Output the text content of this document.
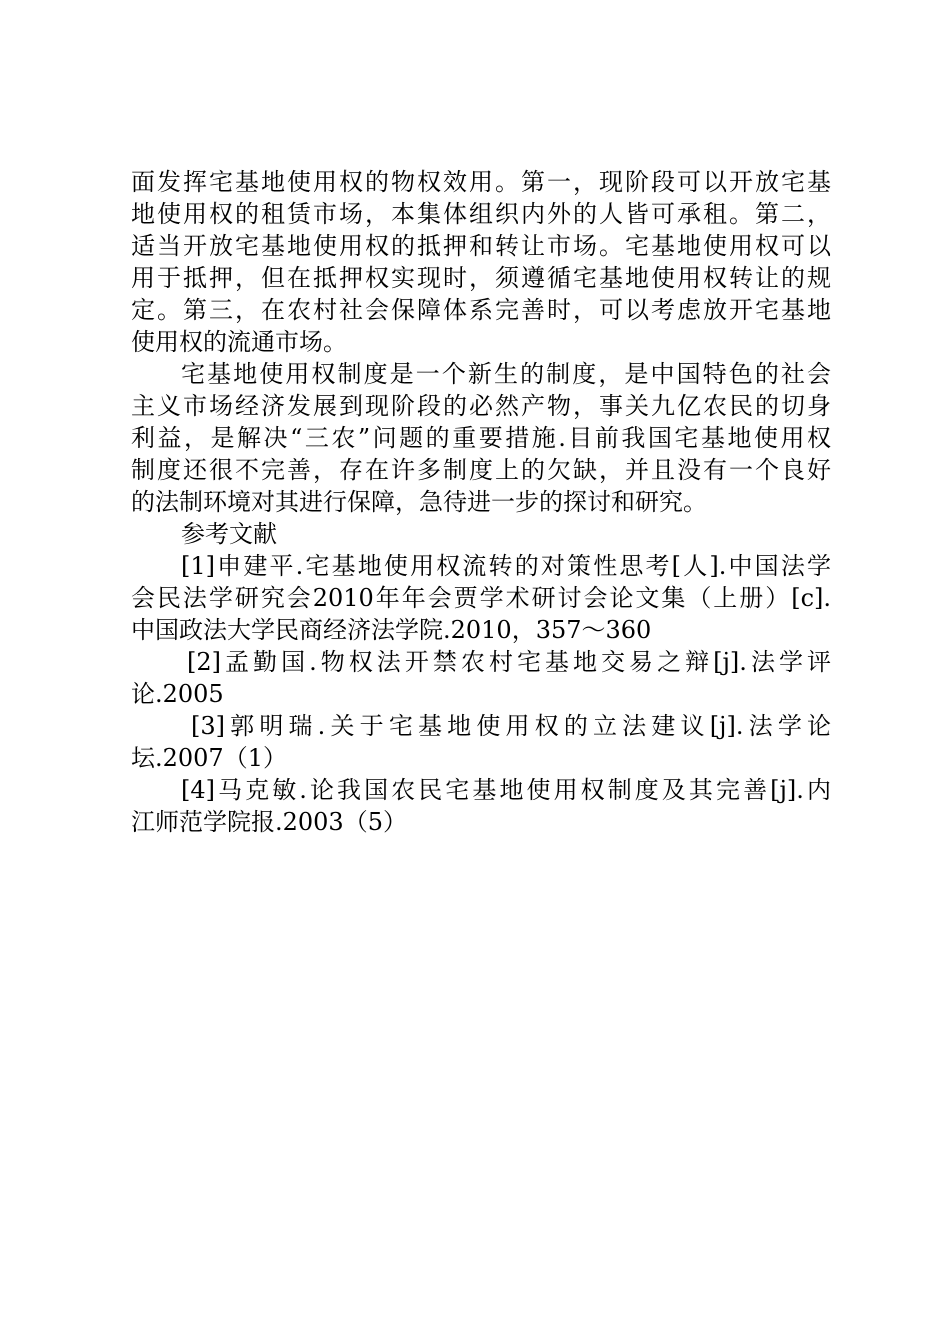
面发挥宅基地使用权的物权效用。第一，现阶段可以开放宅基
地使用权的租赁市场，本集体组织内外的人皆可承租。第二，
适当开放宅基地使用权的抵押和转让市场。宅基地使用权可以
用于抵押，但在抵押权实现时，须遵循宅基地使用权转让的规
定。第三，在农村社会保障体系完善时，可以考虑放开宅基地
使用权的流通市场。
宅基地使用权制度是一个新生的制度，是中国特色的社会
主义市场经济发展到现阶段的必然产物，事关九亿农民的切身
利益，是解决“三农”问题的重要措施.目前我国宅基地使用权
制度还很不完善，存在许多制度上的欠缺，并且没有一个良好
的法制环境对其进行保障，急待进一步的探讨和研究。
参考文献
[1]申建平.宅基地使用权流转的对策性思考[人].中国法学
会民法学研究会2010年年会贾学术研讨会论文集（上册）[c].
中国政法大学民商经济法学院.2010，357～360
[2]孟勤国.物权法开禁农村宅基地交易之辩[j].法学评
论.2005
[3]郭明瑞.关于宅基地使用权的立法建议[j].法学论
坛.2007（1）
[4]马克敏.论我国农民宅基地使用权制度及其完善[j].内
江师范学院报.2003（5）
